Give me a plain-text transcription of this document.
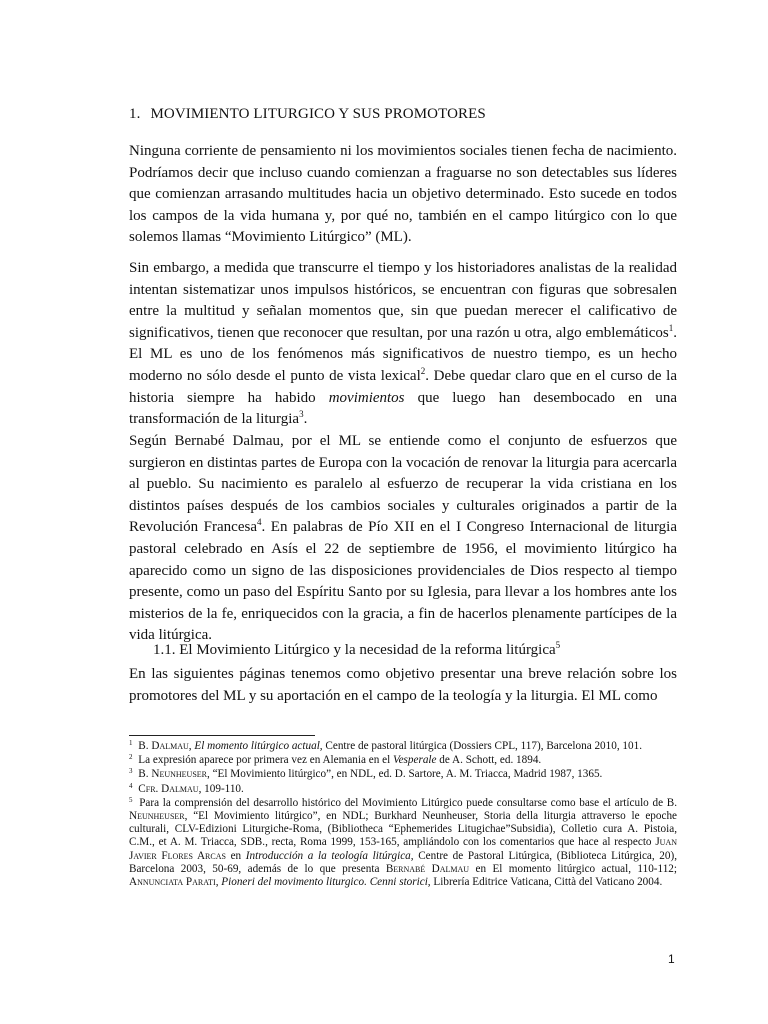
1. MOVIMIENTO LITURGICO Y SUS PROMOTORES

Ninguna corriente de pensamiento ni los movimientos sociales tienen fecha de nacimiento. Podríamos decir que incluso cuando comienzan a fraguarse no son detectables sus líderes que comienzan arrasando multitudes hacia un objetivo determinado. Esto sucede en todos los campos de la vida humana y, por qué no, también en el campo litúrgico con lo que solemos llamas “Movimiento Litúrgico” (ML).

Sin embargo, a medida que transcurre el tiempo y los historiadores analistas de la realidad intentan sistematizar unos impulsos históricos, se encuentran con figuras que sobresalen entre la multitud y señalan momentos que, sin que puedan merecer el calificativo de significativos, tienen que reconocer que resultan, por una razón u otra, algo emblemáticos$^1$. El ML es uno de los fenómenos más significativos de nuestro tiempo, es un hecho moderno no sólo desde el punto de vista lexical$^2$. Debe quedar claro que en el curso de la historia siempre ha habido movimientos que luego han desembocado en una transformación de la liturgia$^3$.

Según Bernabé Dalmau, por el ML se entiende como el conjunto de esfuerzos que surgieron en distintas partes de Europa con la vocación de renovar la liturgia para acercarla al pueblo. Su nacimiento es paralelo al esfuerzo de recuperar la vida cristiana en los distintos países después de los cambios sociales y culturales originados a partir de la Revolución Francesa$^4$. En palabras de Pío XII en el I Congreso Internacional de liturgia pastoral celebrado en Asís el 22 de septiembre de 1956, el movimiento litúrgico ha aparecido como un signo de las disposiciones providenciales de Dios respecto al tiempo presente, como un paso del Espíritu Santo por su Iglesia, para llevar a los hombres ante los misterios de la fe, enriquecidos con la gracia, a fin de hacerlos plenamente partícipes de la vida litúrgica.

1.1. El Movimiento Litúrgico y la necesidad de la reforma litúrgica$^5$

En las siguientes páginas tenemos como objetivo presentar una breve relación sobre los promotores del ML y su aportación en el campo de la teología y la liturgia. El ML como

$^1$ B. Dalmau, El momento litúrgico actual, Centre de pastoral litúrgica (Dossiers CPL, 117), Barcelona 2010, 101.

$^2$ La expresión aparece por primera vez en Alemania en el Vesperale de A. Schott, ed. 1894.

$^3$ B. Neunheuser, “El Movimiento litúrgico”, en NDL, ed. D. Sartore, A. M. Triacca, Madrid 1987, 1365.

$^4$ Cfr. Dalmau, 109-110.

$^5$ Para la comprensión del desarrollo histórico del Movimiento Litúrgico puede consultarse como base el artículo de B. Neunheuser, “El Movimiento litúrgico”, en NDL; Burkhard Neunheuser, Storia della liturgia attraverso le epoche culturali, CLV-Edizioni Liturgiche-Roma, (Bibliotheca “Ephemerides Litugichae”Subsidia), Colletio cura A. Pistoia, C.M., et A. M. Triacca, SDB., recta, Roma 1999, 153-165, ampliándolo con los comentarios que hace al respecto Juan Javier Flores Arcas en Introducción a la teología litúrgica, Centre de Pastoral Litúrgica, (Biblioteca Litúrgica, 20), Barcelona 2003, 50-69, además de lo que presenta Bernabé Dalmau en El momento litúrgico actual, 110-112; Annunciata Parati, Pioneri del movimento liturgico. Cenni storici, Librería Editrice Vaticana, Città del Vaticano 2004.

1
